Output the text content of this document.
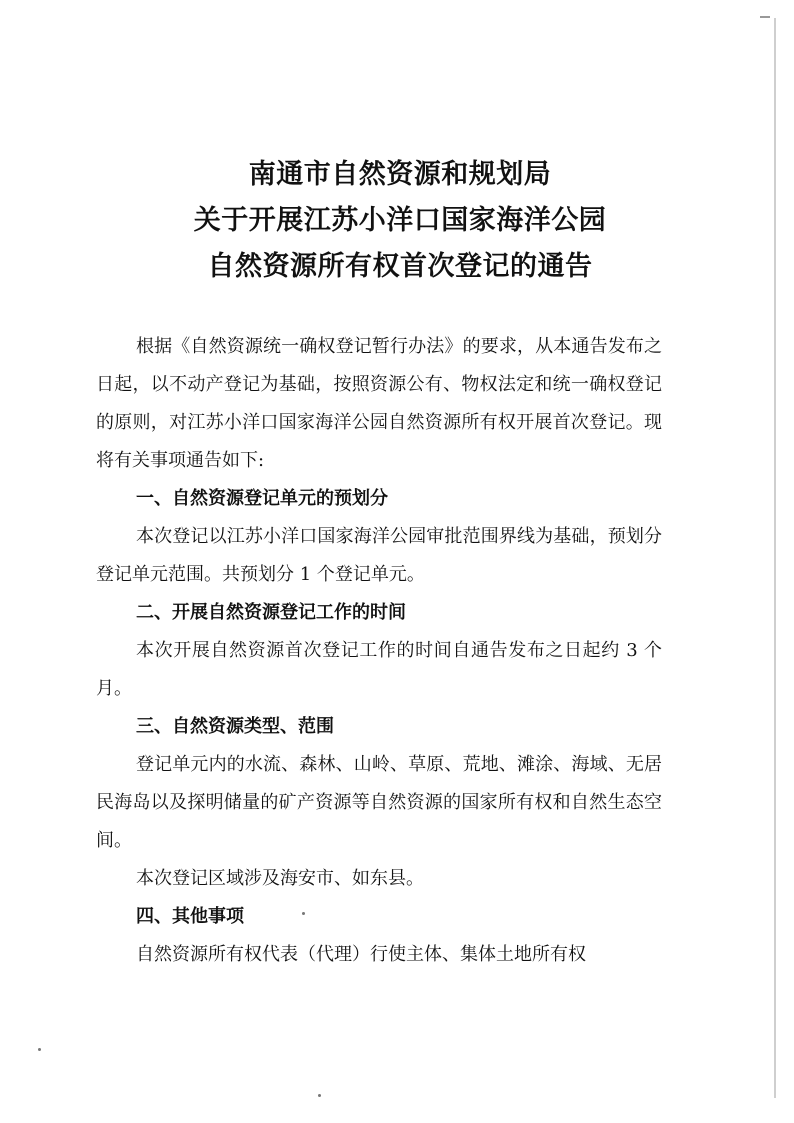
南通市自然资源和规划局
关于开展江苏小洋口国家海洋公园
自然资源所有权首次登记的通告

根据《自然资源统一确权登记暂行办法》的要求，从本通告发布之日起，以不动产登记为基础，按照资源公有、物权法定和统一确权登记的原则，对江苏小洋口国家海洋公园自然资源所有权开展首次登记。现将有关事项通告如下:

一、自然资源登记单元的预划分

本次登记以江苏小洋口国家海洋公园审批范围界线为基础，预划分登记单元范围。共预划分 1 个登记单元。

二、开展自然资源登记工作的时间

本次开展自然资源首次登记工作的时间自通告发布之日起约 3 个月。

三、自然资源类型、范围

登记单元内的水流、森林、山岭、草原、荒地、滩涂、海域、无居民海岛以及探明储量的矿产资源等自然资源的国家所有权和自然生态空间。

本次登记区域涉及海安市、如东县。

四、其他事项

自然资源所有权代表（代理）行使主体、集体土地所有权
